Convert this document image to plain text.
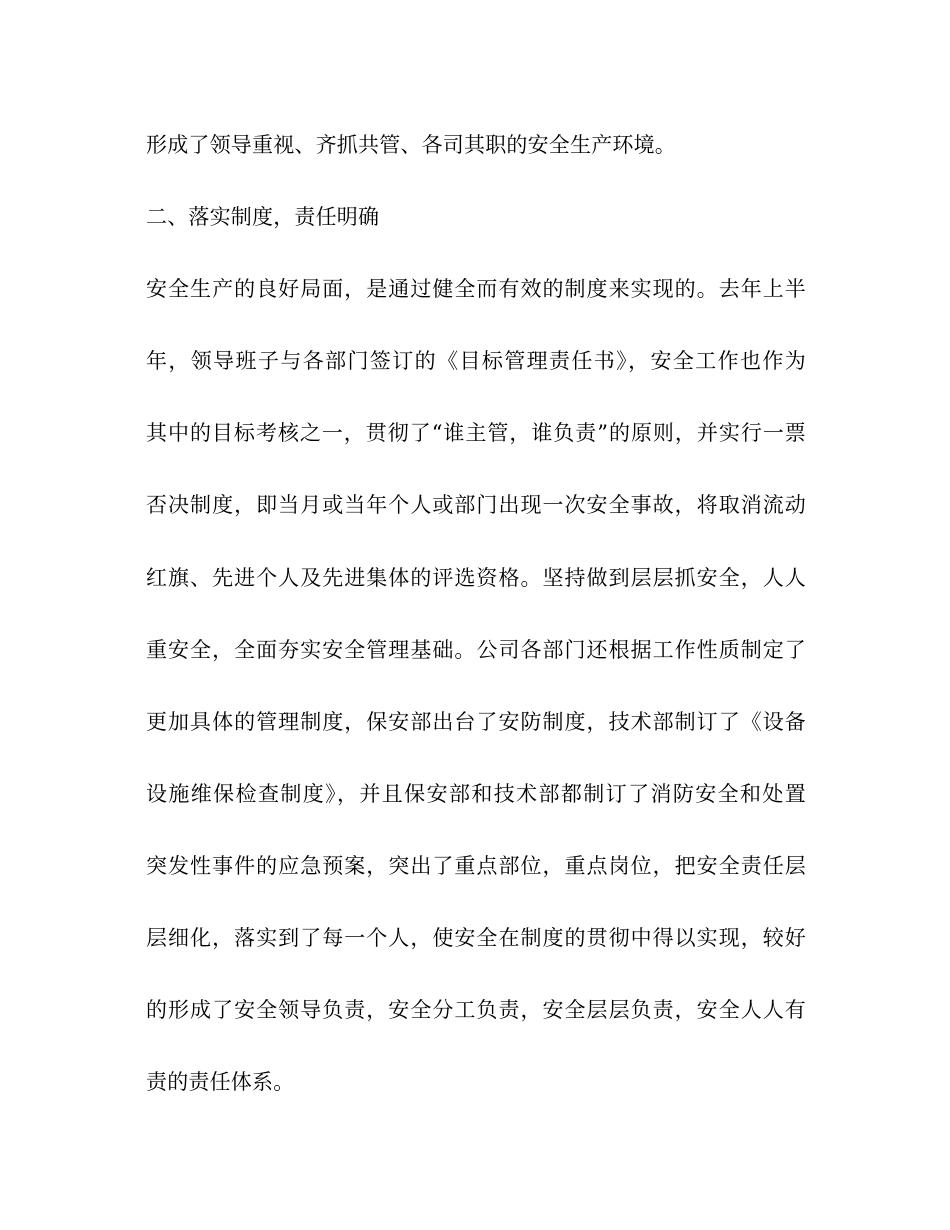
形成了领导重视、齐抓共管、各司其职的安全生产环境。
二、落实制度，责任明确
安全生产的良好局面，是通过健全而有效的制度来实现的。去年上半
年，领导班子与各部门签订的《目标管理责任书》，安全工作也作为
其中的目标考核之一，贯彻了“谁主管，谁负责”的原则，并实行一票
否决制度，即当月或当年个人或部门出现一次安全事故，将取消流动
红旗、先进个人及先进集体的评选资格。坚持做到层层抓安全，人人
重安全，全面夯实安全管理基础。公司各部门还根据工作性质制定了
更加具体的管理制度，保安部出台了安防制度，技术部制订了《设备
设施维保检查制度》，并且保安部和技术部都制订了消防安全和处置
突发性事件的应急预案，突出了重点部位，重点岗位，把安全责任层
层细化，落实到了每一个人，使安全在制度的贯彻中得以实现，较好
的形成了安全领导负责，安全分工负责，安全层层负责，安全人人有
责的责任体系。
